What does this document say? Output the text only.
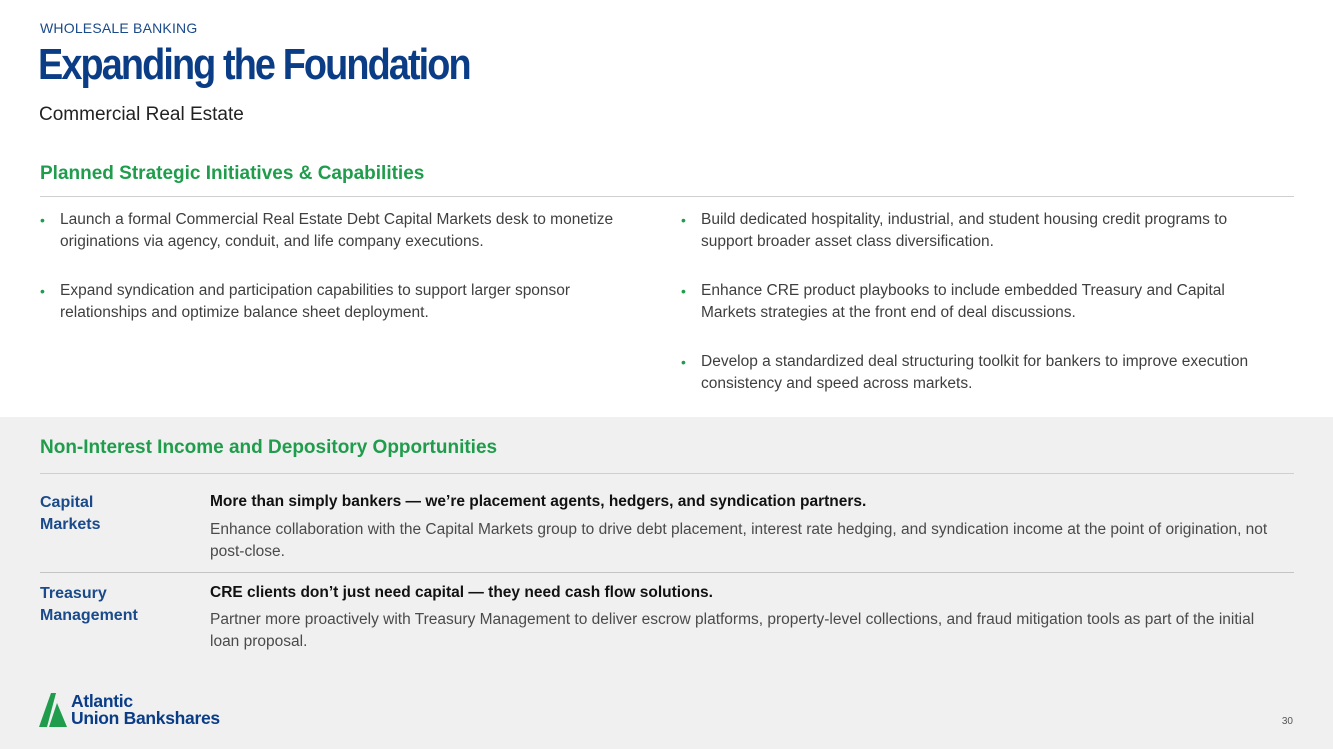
WHOLESALE BANKING
Expanding the Foundation
Commercial Real Estate
Planned Strategic Initiatives & Capabilities
• Launch a formal Commercial Real Estate Debt Capital Markets desk to monetize originations via agency, conduit, and life company executions.
• Expand syndication and participation capabilities to support larger sponsor relationships and optimize balance sheet deployment.
• Build dedicated hospitality, industrial, and student housing credit programs to support broader asset class diversification.
• Enhance CRE product playbooks to include embedded Treasury and Capital Markets strategies at the front end of deal discussions.
• Develop a standardized deal structuring toolkit for bankers to improve execution consistency and speed across markets.
Non-Interest Income and Depository Opportunities
Capital
Markets
More than simply bankers — we’re placement agents, hedgers, and syndication partners.
Enhance collaboration with the Capital Markets group to drive debt placement, interest rate hedging, and syndication income at the point of origination, not post-close.
Treasury
Management
CRE clients don’t just need capital — they need cash flow solutions.
Partner more proactively with Treasury Management to deliver escrow platforms, property-level collections, and fraud mitigation tools as part of the initial loan proposal.
Atlantic
Union Bankshares	30
